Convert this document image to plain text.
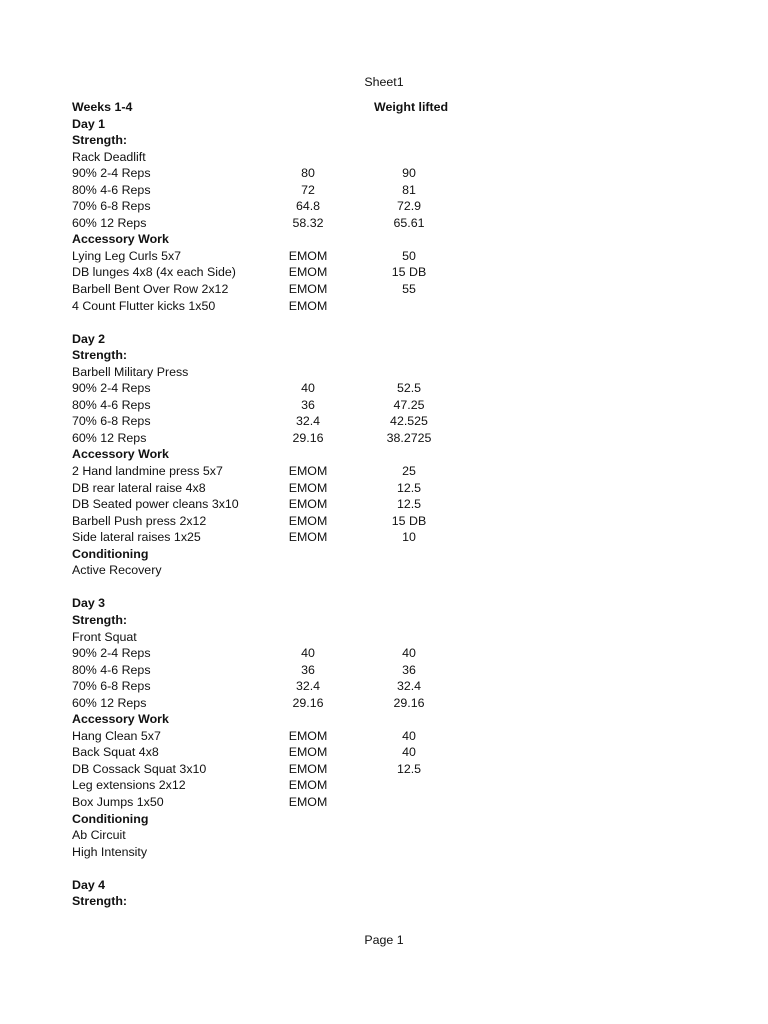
Sheet1
Weeks 1-4	Weight lifted
Day 1
Strength:
Rack Deadlift
90% 2-4 Reps	80	90
80% 4-6 Reps	72	81
70% 6-8 Reps	64.8	72.9
60% 12 Reps	58.32	65.61
Accessory Work
Lying Leg Curls 5x7	EMOM	50
DB lunges 4x8 (4x each Side)	EMOM	15 DB
Barbell Bent Over Row 2x12	EMOM	55
4 Count Flutter kicks 1x50	EMOM
Day 2
Strength:
Barbell Military Press
90% 2-4 Reps	40	52.5
80% 4-6 Reps	36	47.25
70% 6-8 Reps	32.4	42.525
60% 12 Reps	29.16	38.2725
Accessory Work
2 Hand landmine press 5x7	EMOM	25
DB rear lateral raise 4x8	EMOM	12.5
DB Seated power cleans 3x10	EMOM	12.5
Barbell Push press 2x12	EMOM	15 DB
Side lateral raises 1x25	EMOM	10
Conditioning
Active Recovery
Day 3
Strength:
Front Squat
90% 2-4 Reps	40	40
80% 4-6 Reps	36	36
70% 6-8 Reps	32.4	32.4
60% 12 Reps	29.16	29.16
Accessory Work
Hang Clean 5x7	EMOM	40
Back Squat 4x8	EMOM	40
DB Cossack Squat 3x10	EMOM	12.5
Leg extensions 2x12	EMOM
Box Jumps 1x50	EMOM
Conditioning
Ab Circuit
High Intensity
Day 4
Strength:
Page 1
